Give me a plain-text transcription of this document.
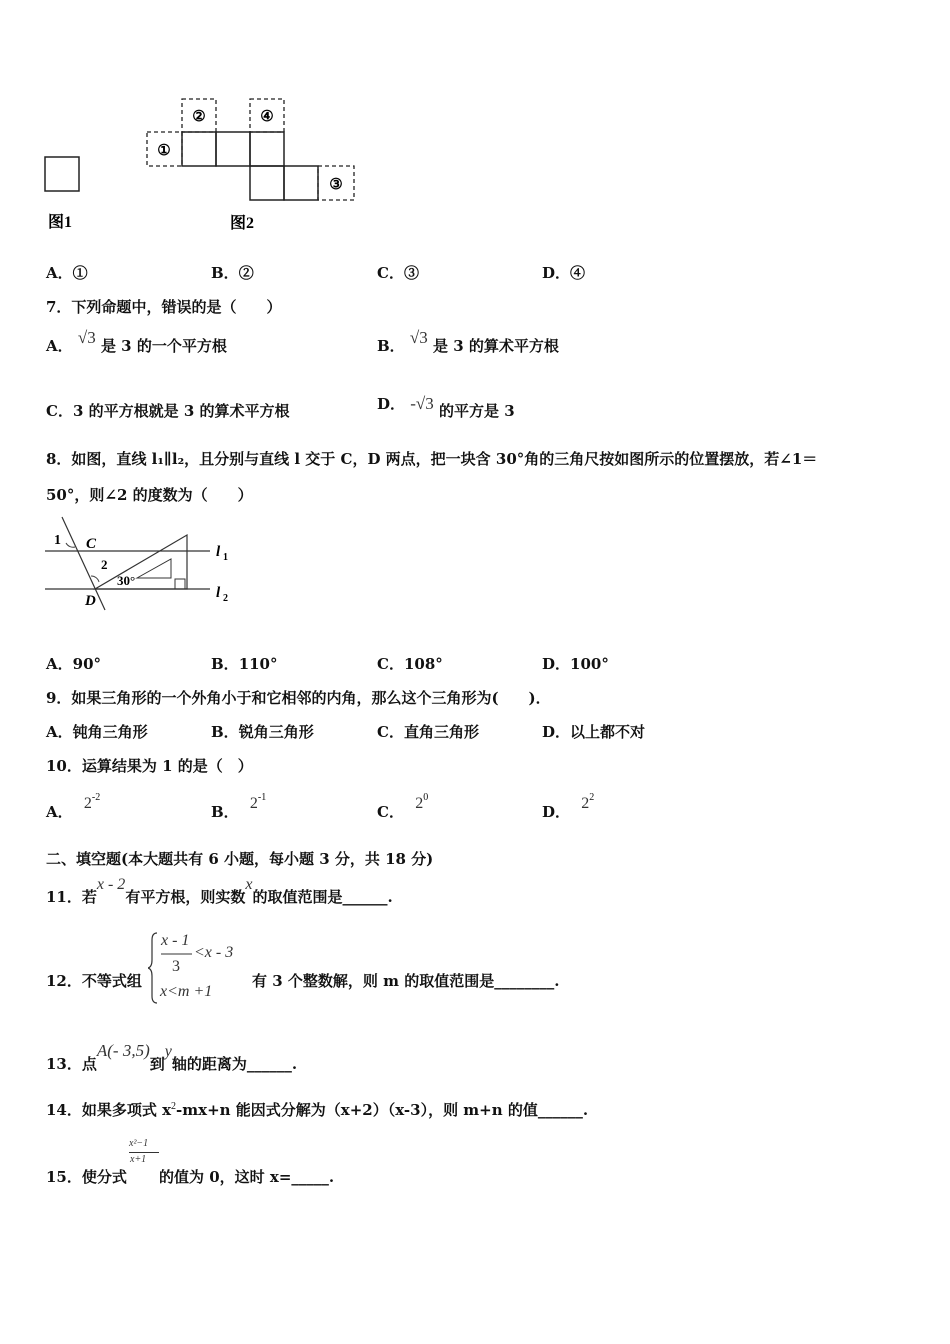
①
②	④
③
图1	图2
A．①	B．②	C．③	D．④
7．下列命题中，错误的是（　　）
A． √3 是 3 的一个平方根	B． √3 是 3 的算术平方根
C．3 的平方根就是 3 的算术平方根	D． -√3 的平方是 3
8．如图，直线 l₁∥l₂，且分别与直线 l 交于 C，D 两点，把一块含 30°角的三角尺按如图所示的位置摆放，若∠1＝
50°，则∠2 的度数为（　　）
1 C
2
30°
D
l 1
l 2
A．90°	B．110°	C．108°	D．100°
9．如果三角形的一个外角小于和它相邻的内角，那么这个三角形为(　　)．
A．钝角三角形	B．锐角三角形	C．直角三角形	D．以上都不对
10．运算结果为 1 的是（　）
A． $2^{-2}$
B． $2^{-1}$
C． $2^0$
D． $2^2$
二、填空题(本大题共有 6 小题，每小题 3 分，共 18 分)
11．若x - 2有平方根，则实数x的取值范围是______.
12．不等式组
x - 1
3
<x - 3
x<m +1
有 3 个整数解，则 m 的取值范围是________.
13．点A(- 3,5)到y轴的距离为______.
14．如果多项式 $x^2-mx+n$ 能因式分解为（x+2）（x-3），则 m+n 的值______.
15．使分式
x²−1
x+1
的值为 0，这时 x=_____.
